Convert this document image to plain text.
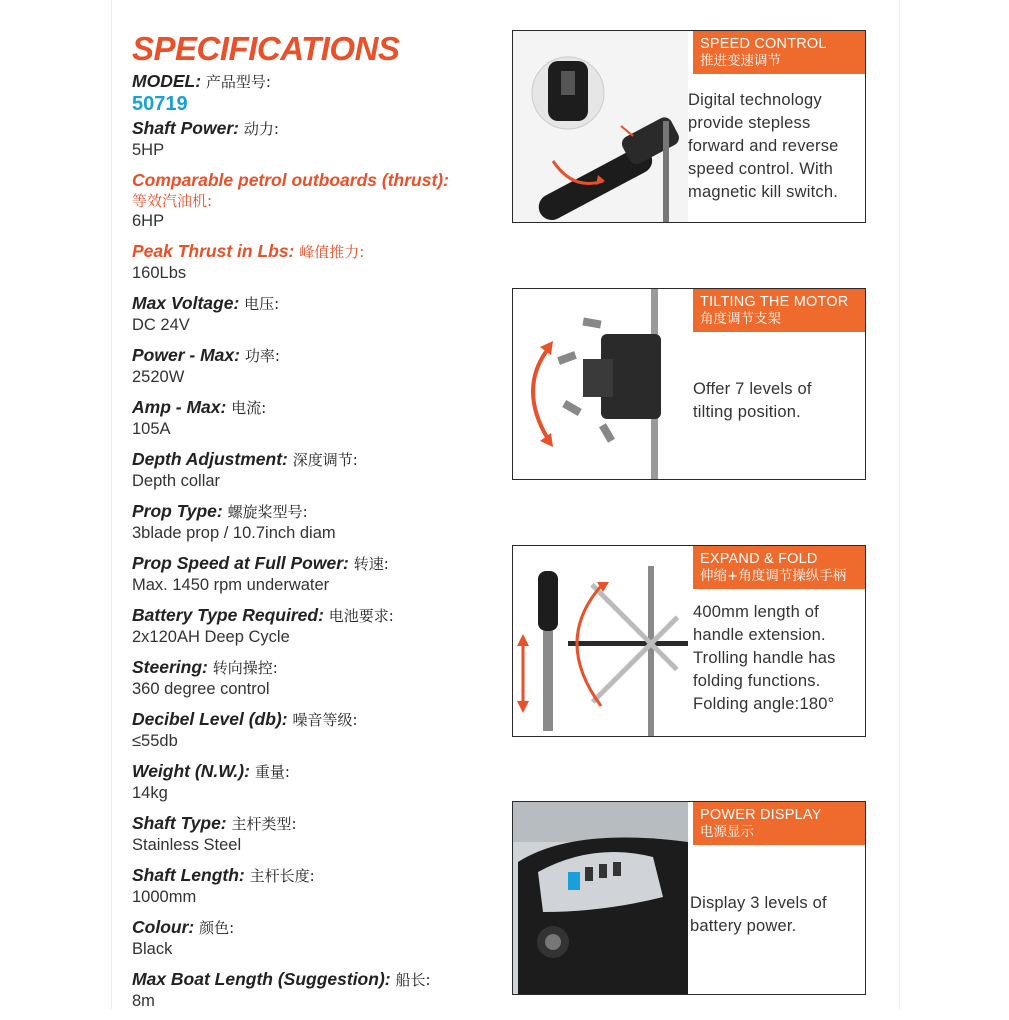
SPECIFICATIONS
MODEL: 产品型号:
50719
Shaft Power: 动力:
5HP
Comparable petrol outboards (thrust):
等效汽油机:
6HP
Peak Thrust in Lbs: 峰值推力:
160Lbs
Max Voltage: 电压:
DC 24V
Power - Max: 功率:
2520W
Amp - Max: 电流:
105A
Depth Adjustment: 深度调节:
Depth collar
Prop Type: 螺旋桨型号:
3blade prop / 10.7inch diam
Prop Speed at Full Power: 转速:
Max. 1450 rpm underwater
Battery Type Required: 电池要求:
2x120AH Deep Cycle
Steering: 转向操控:
360 degree control
Decibel Level (db): 噪音等级:
≤55db
Weight (N.W.): 重量:
14kg
Shaft Type: 主杆类型:
Stainless Steel
Shaft Length: 主杆长度:
1000mm
Colour: 颜色:
Black
Max Boat Length (Suggestion): 船长:
8m
SPEED CONTROL
推进变速调节
Digital technology
provide stepless
forward and reverse
speed control. With
magnetic kill switch.
TILTING THE MOTOR
角度调节支架
Offer 7 levels of
tilting position.
EXPAND & FOLD
伸缩+角度调节操纵手柄
400mm length of
handle extension.
Trolling handle has
folding functions.
Folding angle:180°
POWER DISPLAY
电源显示
Display 3 levels of
battery power.
